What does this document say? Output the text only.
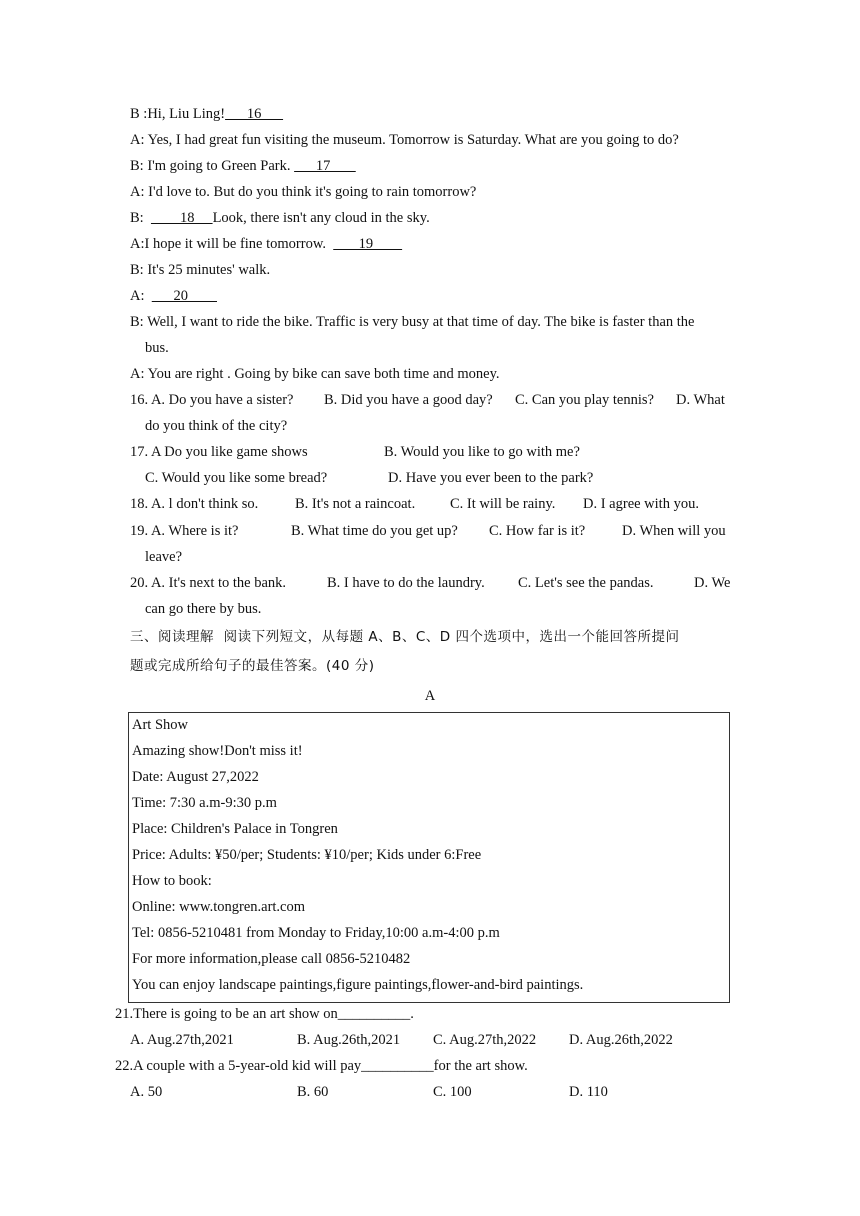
B :Hi, Liu Ling!      16
A: Yes, I had great fun visiting the museum. Tomorrow is Saturday. What are you going to do?
B: I'm going to Green Park.       17
A: I'd love to. But do you think it's going to rain tomorrow?
B:          18     Look, there isn't any cloud in the sky.
A:I hope it will be fine tomorrow.         19
B: It's 25 minutes' walk.
A:        20
B: Well, I want to ride the bike. Traffic is very busy at that time of day. The bike is faster than the
bus.
A: You are right . Going by bike can save both time and money.
16. A. Do you have a sister? B. Did you have a good day? C. Can you play tennis? D. What
do you think of the city?
17. A Do you like game shows	B. Would you like to go with me?
C. Would you like some bread?	D. Have you ever been to the park?
18. A. l don't think so.	B. It's not a raincoat. C. It will be rainy. D. I agree with you.
19. A. Where is it?	B. What time do you get up? C. How far is it?	D. When will you
leave?
20. A. It's next to the bank.	B. I have to do the laundry. C. Let's see the pandas.	D. We
can go there by bus.
三、阅读理解  阅读下列短文，从每题 A、B、C、D 四个选项中，选出一个能回答所提问
题或完成所给句子的最佳答案。(40 分)
A
Art Show
Amazing show!Don't miss it!
Date: August 27,2022
Time: 7:30 a.m-9:30 p.m
Place: Children's Palace in Tongren
Price: Adults: ¥50/per; Students: ¥10/per; Kids under 6:Free
How to book:
Online: www.tongren.art.com
Tel: 0856-5210481 from Monday to Friday,10:00 a.m-4:00 p.m
For more information,please call 0856-5210482
You can enjoy landscape paintings,figure paintings,flower-and-bird paintings.
21.There is going to be an art show on__________.
A. Aug.27th,2021	B. Aug.26th,2021 C. Aug.27th,2022 D. Aug.26th,2022
22.A couple with a 5-year-old kid will pay__________for the art show.
A. 50	B. 60	C. 100	D. 110
